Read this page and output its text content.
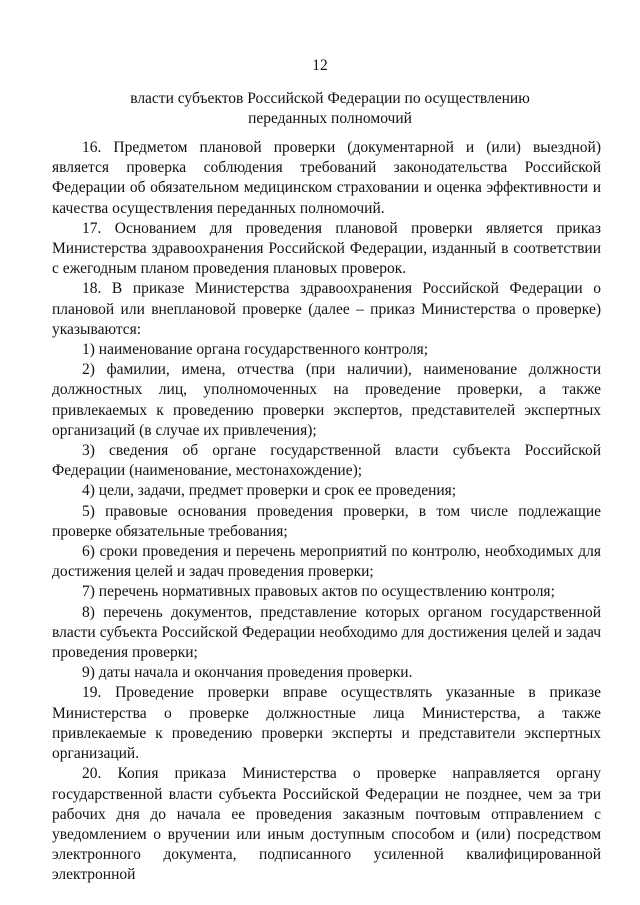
12
власти субъектов Российской Федерации по осуществлению
переданных полномочий

16. Предметом плановой проверки (документарной и (или) выездной) является проверка соблюдения требований законодательства Российской Федерации об обязательном медицинском страховании и оценка эффективности и качества осуществления переданных полномочий.

17. Основанием для проведения плановой проверки является приказ Министерства здравоохранения Российской Федерации, изданный в соответствии с ежегодным планом проведения плановых проверок.

18. В приказе Министерства здравоохранения Российской Федерации о плановой или внеплановой проверке (далее – приказ Министерства о проверке) указываются:

1) наименование органа государственного контроля;

2) фамилии, имена, отчества (при наличии), наименование должности должностных лиц, уполномоченных на проведение проверки, а также привлекаемых к проведению проверки экспертов, представителей экспертных организаций (в случае их привлечения);

3) сведения об органе государственной власти субъекта Российской Федерации (наименование, местонахождение);

4) цели, задачи, предмет проверки и срок ее проведения;

5) правовые основания проведения проверки, в том числе подлежащие проверке обязательные требования;

6) сроки проведения и перечень мероприятий по контролю, необходимых для достижения целей и задач проведения проверки;

7) перечень нормативных правовых актов по осуществлению контроля;

8) перечень документов, представление которых органом государственной власти субъекта Российской Федерации необходимо для достижения целей и задач проведения проверки;

9) даты начала и окончания проведения проверки.

19. Проведение проверки вправе осуществлять указанные в приказе Министерства о проверке должностные лица Министерства, а также привлекаемые к проведению проверки эксперты и представители экспертных организаций.

20. Копия приказа Министерства о проверке направляется органу государственной власти субъекта Российской Федерации не позднее, чем за три рабочих дня до начала ее проведения заказным почтовым отправлением с уведомлением о вручении или иным доступным способом и (или) посредством электронного документа, подписанного усиленной квалифицированной электронной
